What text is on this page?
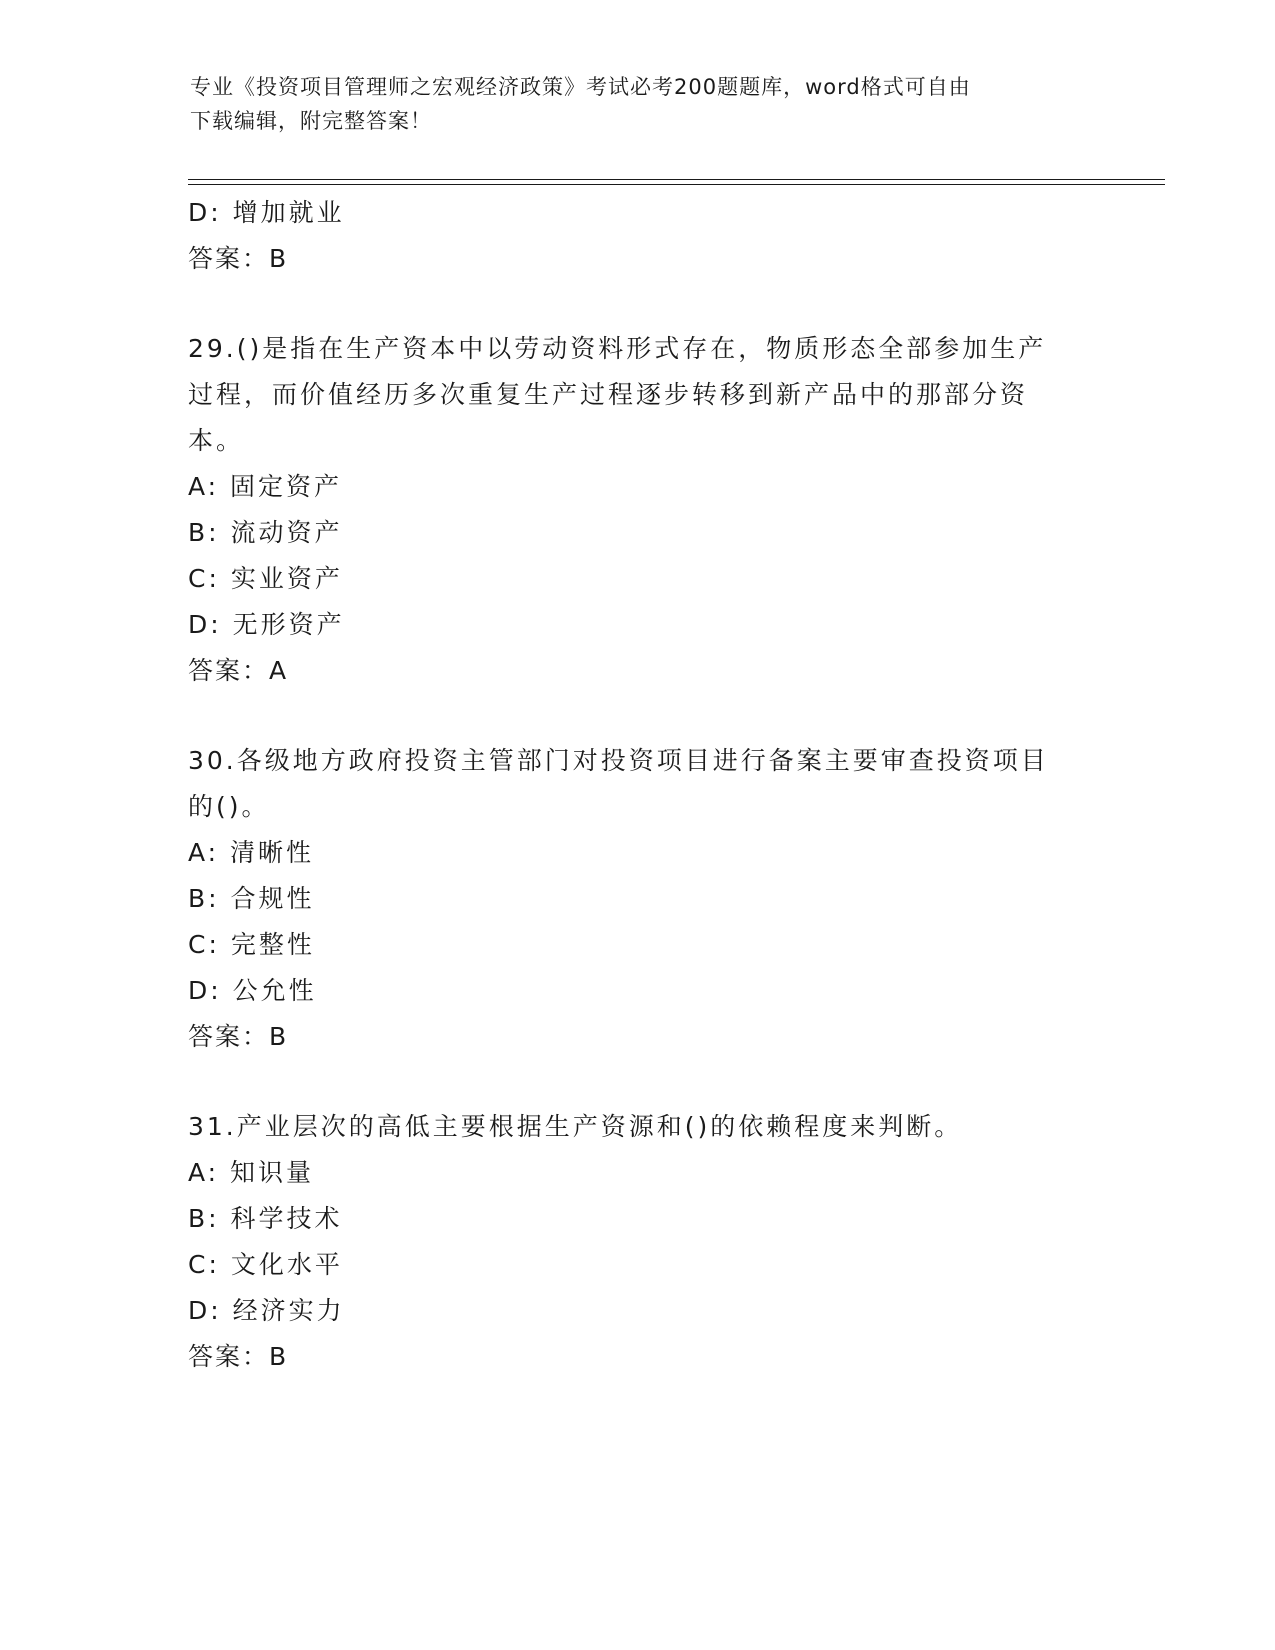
专业《投资项目管理师之宏观经济政策》考试必考200题题库，word格式可自由
下载编辑，附完整答案！
D: 增加就业
答案：B
29.()是指在生产资本中以劳动资料形式存在，物质形态全部参加生产
过程，而价值经历多次重复生产过程逐步转移到新产品中的那部分资
本。
A: 固定资产
B: 流动资产
C: 实业资产
D: 无形资产
答案：A
30.各级地方政府投资主管部门对投资项目进行备案主要审查投资项目
的()。
A: 清晰性
B: 合规性
C: 完整性
D: 公允性
答案：B
31.产业层次的高低主要根据生产资源和()的依赖程度来判断。
A: 知识量
B: 科学技术
C: 文化水平
D: 经济实力
答案：B
